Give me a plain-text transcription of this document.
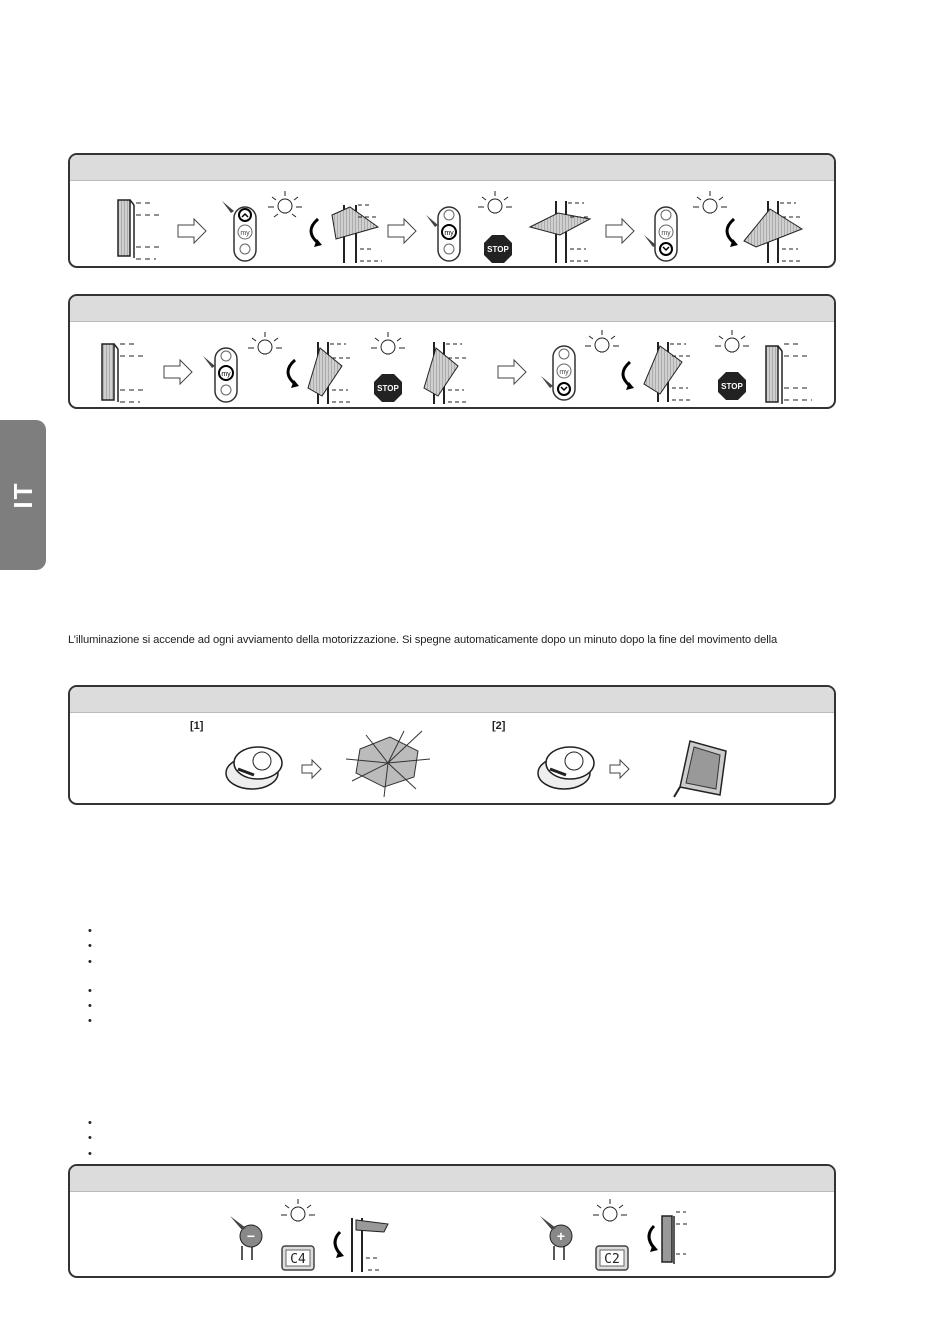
IT
my	my
STOP
my
my
STOP
my
STOP
L’illuminazione si accende ad ogni avviamento della motorizzazione. Si spegne automaticamente dopo un minuto dopo la fine del movimento della
[1]	[2]
•
•
•
•
•
•
•
•
•
−
C4
+
C2
